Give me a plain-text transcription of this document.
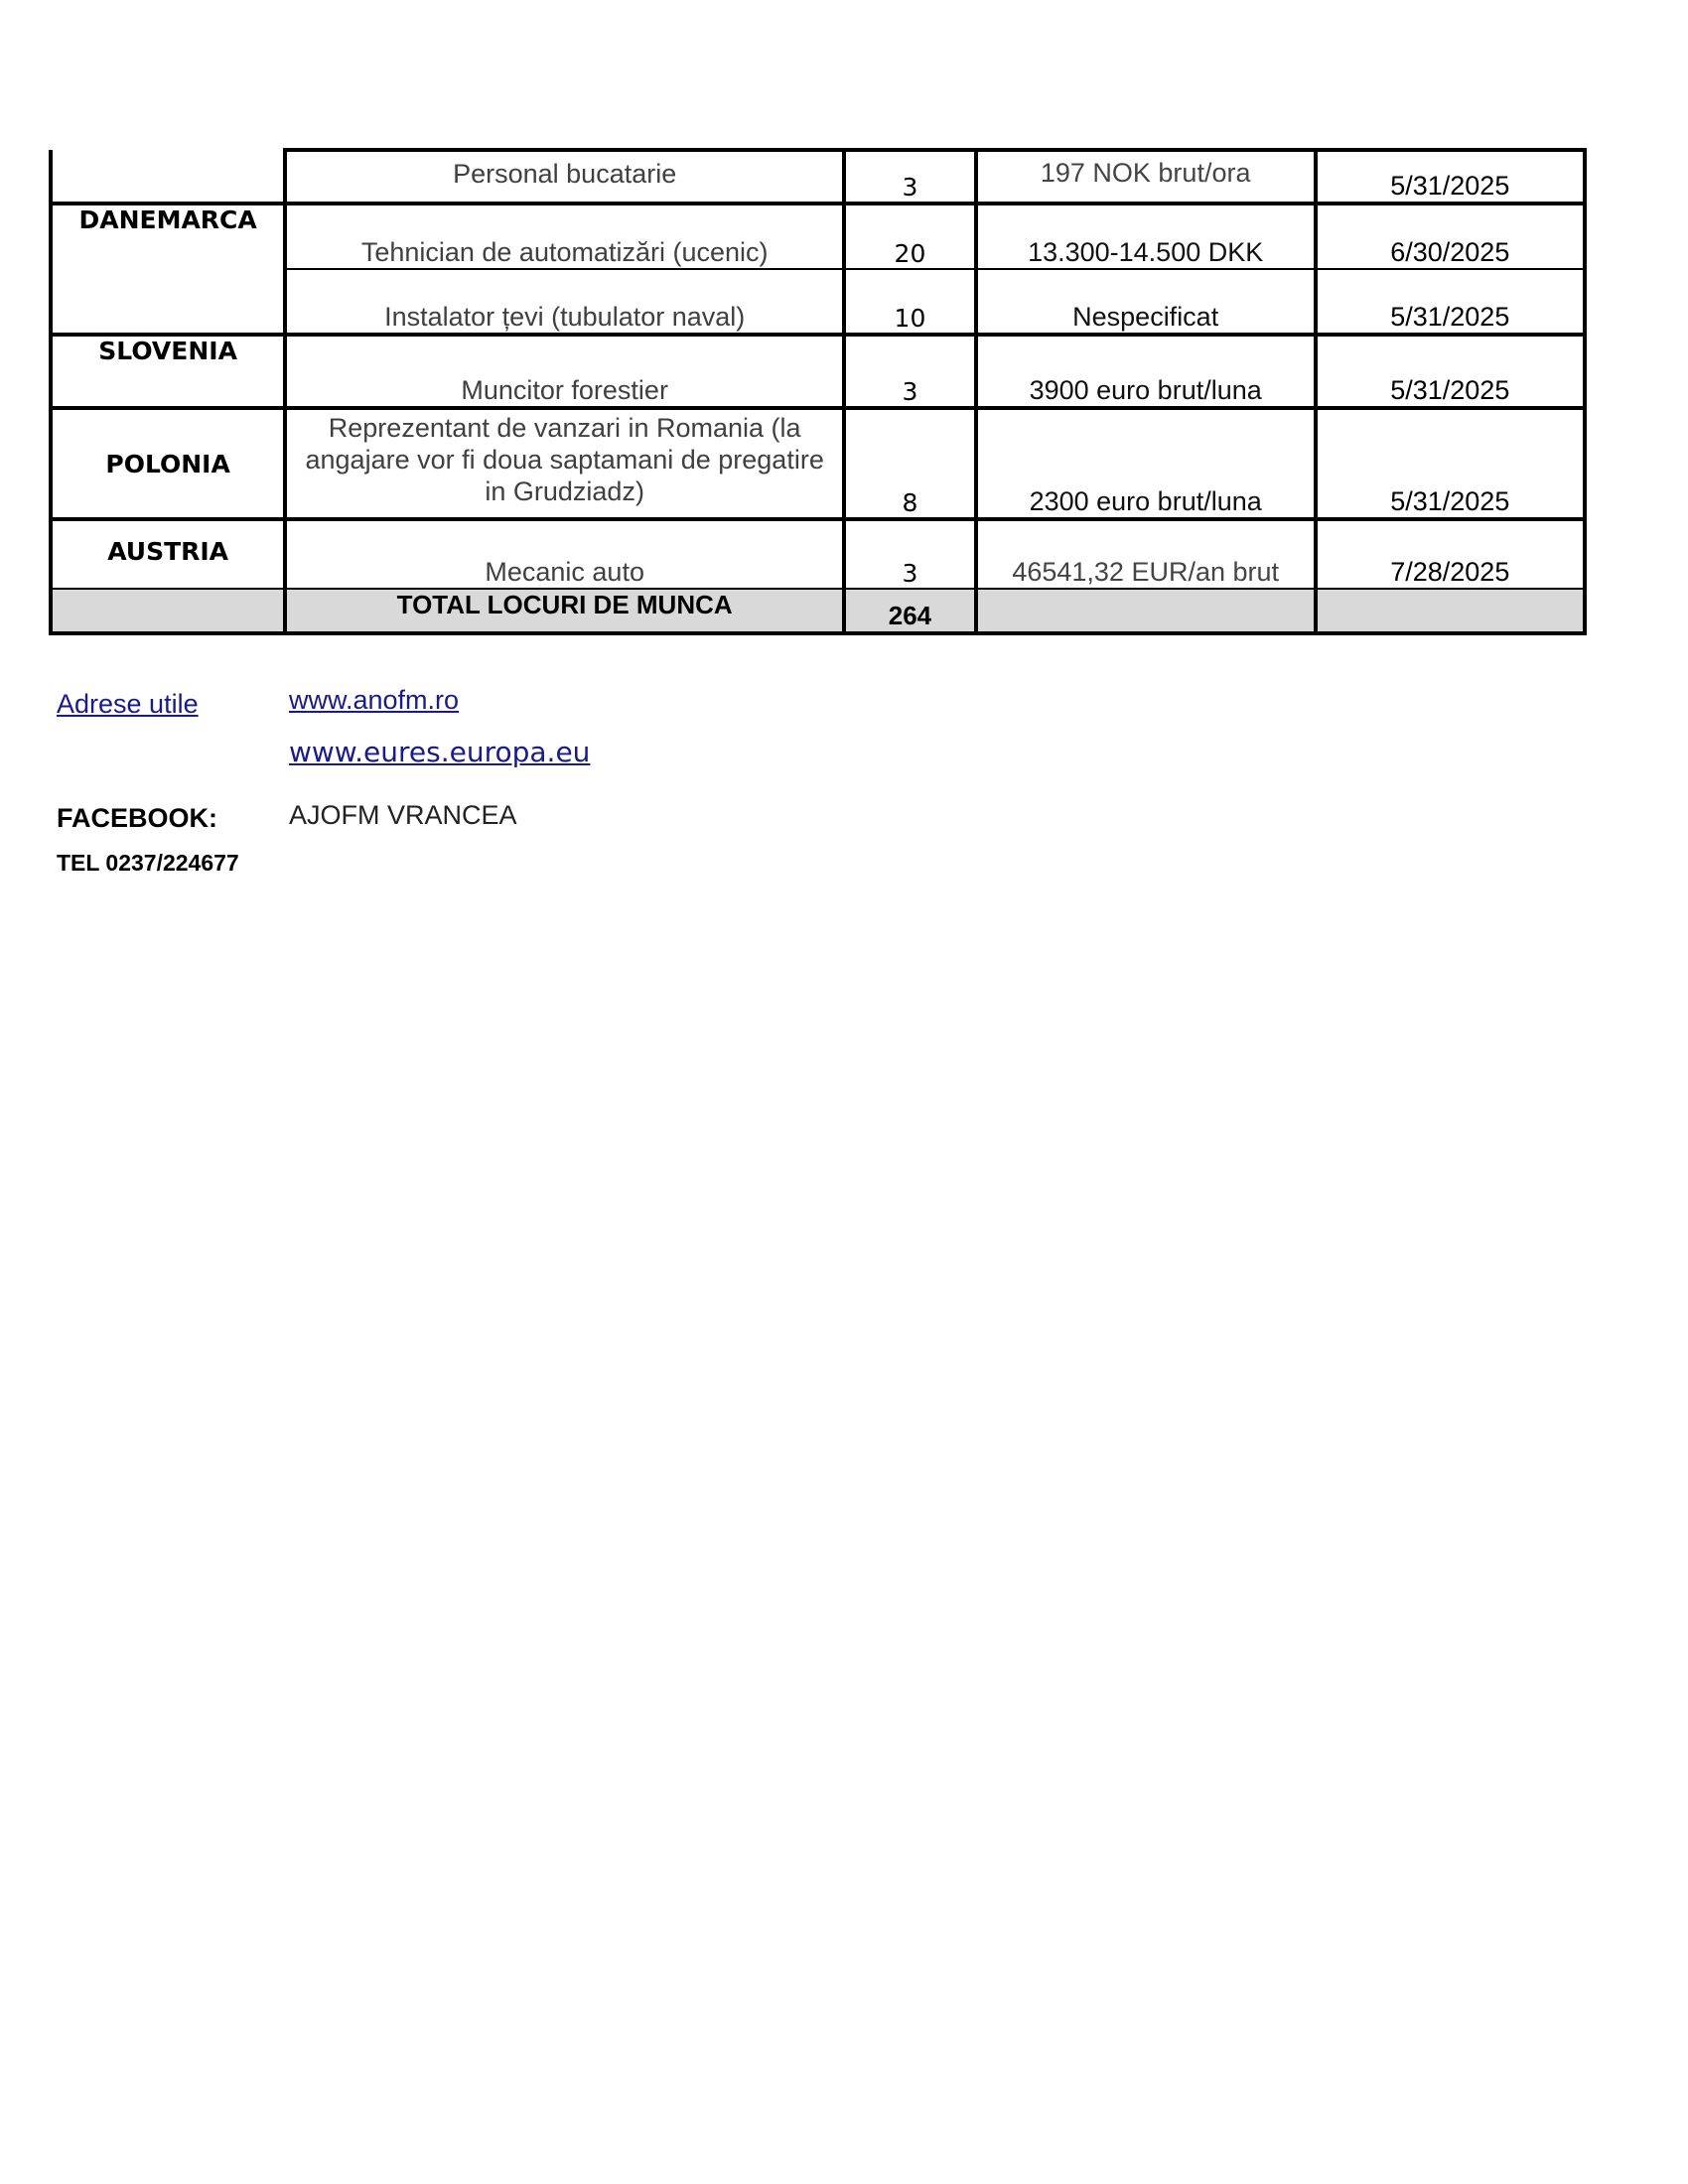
	Personal bucatarie	3	197 NOK brut/ora	5/31/2025
DANEMARCA	Tehnician de automatizări (ucenic)	20	13.300-14.500 DKK	6/30/2025
	Instalator țevi (tubulator naval)	10	Nespecificat	5/31/2025
SLOVENIA	Muncitor forestier	3	3900 euro brut/luna	5/31/2025
POLONIA	Reprezentant de vanzari in Romania (la angajare vor fi doua saptamani de pregatire in Grudziadz)	8	2300 euro brut/luna	5/31/2025
AUSTRIA	Mecanic auto	3	46541,32 EUR/an brut	7/28/2025
	TOTAL LOCURI DE MUNCA	264		
Adrese utile	www.anofm.ro
www.eures.europa.eu
FACEBOOK:	AJOFM VRANCEA
TEL 0237/224677
